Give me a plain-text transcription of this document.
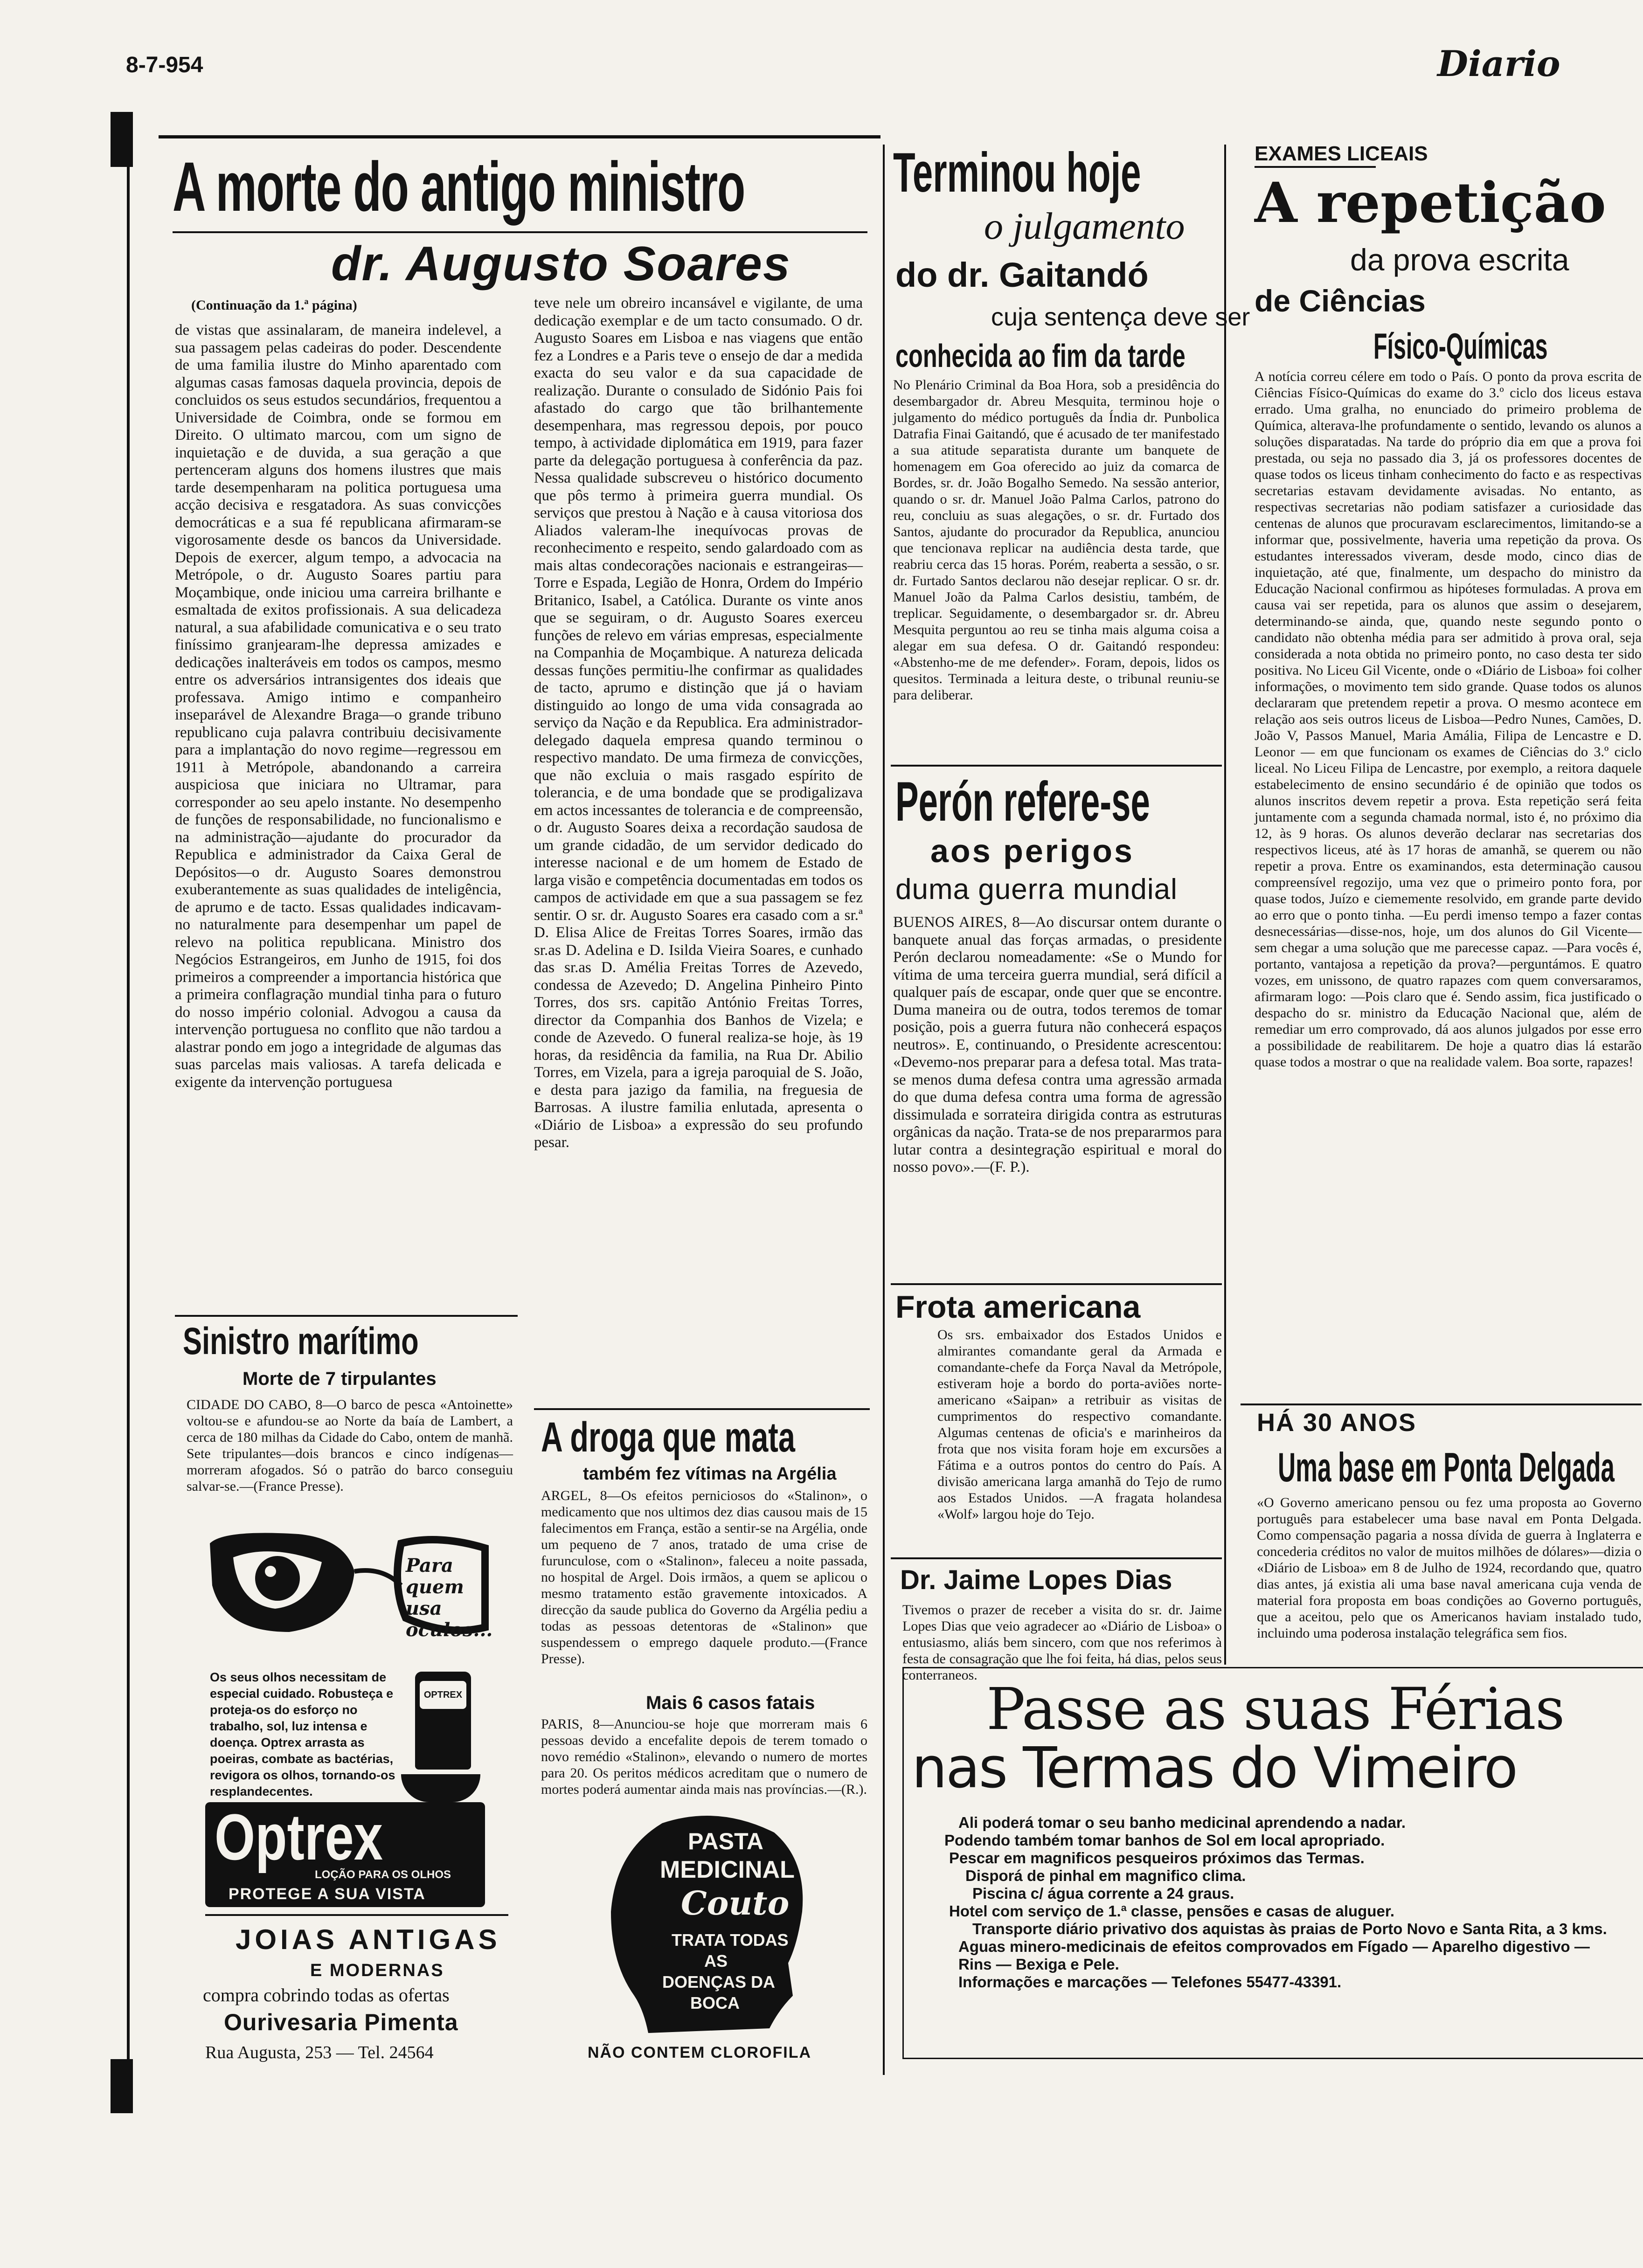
8-7-954	Diario
A morte do antigo ministro
dr. Augusto Soares
(Continuação da 1.ª página)
de vistas que assinalaram, de maneira indelevel, a sua passagem pelas cadeiras do poder. Descendente de uma familia ilustre do Minho aparentado com algumas casas famosas daquela provincia, depois de concluidos os seus estudos secundários, frequentou a Universidade de Coimbra, onde se formou em Direito. O ultimato marcou, com um signo de inquietação e de duvida, a sua geração a que pertenceram alguns dos homens ilustres que mais tarde desempenharam na politica portuguesa uma acção decisiva e resgatadora. As suas convicções democráticas e a sua fé republicana afirmaram-se vigorosamente desde os bancos da Universidade. Depois de exercer, algum tempo, a advocacia na Metrópole, o dr. Augusto Soares partiu para Moçambique, onde iniciou uma carreira brilhante e esmaltada de exitos profissionais. A sua delicadeza natural, a sua afabilidade comunicativa e o seu trato finíssimo granjearam-lhe depressa amizades e dedicações inalteráveis em todos os campos, mesmo entre os adversários intransigentes dos ideais que professava. Amigo intimo e companheiro inseparável de Alexandre Braga—o grande tribuno republicano cuja palavra contribuiu decisivamente para a implantação do novo regime—regressou em 1911 à Metrópole, abandonando a carreira auspiciosa que iniciara no Ultramar, para corresponder ao seu apelo instante. No desempenho de funções de responsabilidade, no funcionalismo e na administração—ajudante do procurador da Republica e administrador da Caixa Geral de Depósitos—o dr. Augusto Soares demonstrou exuberantemente as suas qualidades de inteligência, de aprumo e de tacto. Essas qualidades indicavam-no naturalmente para desempenhar um papel de relevo na politica republicana. Ministro dos Negócios Estrangeiros, em Junho de 1915, foi dos primeiros a compreender a importancia histórica que a primeira conflagração mundial tinha para o futuro do nosso império colonial. Advogou a causa da intervenção portuguesa no conflito que não tardou a alastrar pondo em jogo a integridade de algumas das suas parcelas mais valiosas. A tarefa delicada e exigente da intervenção portuguesa
teve nele um obreiro incansável e vigilante, de uma dedicação exemplar e de um tacto consumado. O dr. Augusto Soares em Lisboa e nas viagens que então fez a Londres e a Paris teve o ensejo de dar a medida exacta do seu valor e da sua capacidade de realização. Durante o consulado de Sidónio Pais foi afastado do cargo que tão brilhantemente desempenhara, mas regressou depois, por pouco tempo, à actividade diplomática em 1919, para fazer parte da delegação portuguesa à conferência da paz. Nessa qualidade subscreveu o histórico documento que pôs termo à primeira guerra mundial. Os serviços que prestou à Nação e à causa vitoriosa dos Aliados valeram-lhe inequívocas provas de reconhecimento e respeito, sendo galardoado com as mais altas condecorações nacionais e estrangeiras—Torre e Espada, Legião de Honra, Ordem do Império Britanico, Isabel, a Católica. Durante os vinte anos que se seguiram, o dr. Augusto Soares exerceu funções de relevo em várias empresas, especialmente na Companhia de Moçambique. A natureza delicada dessas funções permitiu-lhe confirmar as qualidades de tacto, aprumo e distinção que já o haviam distinguido ao longo de uma vida consagrada ao serviço da Nação e da Republica. Era administrador-delegado daquela empresa quando terminou o respectivo mandato. De uma firmeza de convicções, que não excluia o mais rasgado espírito de tolerancia, e de uma bondade que se prodigalizava em actos incessantes de tolerancia e de compreensão, o dr. Augusto Soares deixa a recordação saudosa de um grande cidadão, de um servidor dedicado do interesse nacional e de um homem de Estado de larga visão e competência documentadas em todos os campos de actividade em que a sua passagem se fez sentir. O sr. dr. Augusto Soares era casado com a sr.ª D. Elisa Alice de Freitas Torres Soares, irmão das sr.as D. Adelina e D. Isilda Vieira Soares, e cunhado das sr.as D. Amélia Freitas Torres de Azevedo, condessa de Azevedo; D. Angelina Pinheiro Pinto Torres, dos srs. capitão António Freitas Torres, director da Companhia dos Banhos de Vizela; e conde de Azevedo. O funeral realiza-se hoje, às 19 horas, da residência da familia, na Rua Dr. Abilio Torres, em Vizela, para a igreja paroquial de S. João, e desta para jazigo da familia, na freguesia de Barrosas. A ilustre familia enlutada, apresenta o «Diário de Lisboa» a expressão do seu profundo pesar.
Sinistro marítimo
Morte de 7 tirpulantes
CIDADE DO CABO, 8—O barco de pesca «Antoinette» voltou-se e afundou-se ao Norte da baía de Lambert, a cerca de 180 milhas da Cidade do Cabo, ontem de manhã. Sete tripulantes—dois brancos e cinco indígenas—morreram afogados. Só o patrão do barco conseguiu salvar-se.—(France Presse).
Para quem usa óculos...
Os seus olhos necessitam de especial cuidado. Robusteça e proteja-os do esforço no trabalho, sol, luz intensa e doença. Optrex arrasta as poeiras, combate as bactérias, revigora os olhos, tornando-os resplandecentes.
OPTREX
Optrex
LOÇÃO PARA OS OLHOS
PROTEGE A SUA VISTA
JOIAS ANTIGAS
E MODERNAS
compra cobrindo todas as ofertas
Ourivesaria Pimenta
Rua Augusta, 253 — Tel. 24564
A droga que mata
também fez vítimas na Argélia
ARGEL, 8—Os efeitos perniciosos do «Stalinon», o medicamento que nos ultimos dez dias causou mais de 15 falecimentos em França, estão a sentir-se na Argélia, onde um pequeno de 7 anos, tratado de uma crise de furunculose, com o «Stalinon», faleceu a noite passada, no hospital de Argel. Dois irmãos, a quem se aplicou o mesmo tratamento estão gravemente intoxicados. A direcção da saude publica do Governo da Argélia pediu a todas as pessoas detentoras de «Stalinon» que suspendessem o emprego daquele produto.—(France Presse).
Mais 6 casos fatais
PARIS, 8—Anunciou-se hoje que morreram mais 6 pessoas devido a encefalite depois de terem tomado o novo remédio «Stalinon», elevando o numero de mortes para 20. Os peritos médicos acreditam que o numero de mortes poderá aumentar ainda mais nas províncias.—(R.).
PASTA
MEDICINAL
Couto
TRATA TODAS
AS
DOENÇAS DA
BOCA
NÃO CONTEM CLOROFILA
Terminou hoje
o julgamento
do dr. Gaitandó
cuja sentença deve ser
conhecida ao fim da tarde
No Plenário Criminal da Boa Hora, sob a presidência do desembargador dr. Abreu Mesquita, terminou hoje o julgamento do médico português da Índia dr. Punbolica Datrafia Finai Gaitandó, que é acusado de ter manifestado a sua atitude separatista durante um banquete de homenagem em Goa oferecido ao juiz da comarca de Bordes, sr. dr. João Bogalho Semedo. Na sessão anterior, quando o sr. dr. Manuel João Palma Carlos, patrono do reu, concluiu as suas alegações, o sr. dr. Furtado dos Santos, ajudante do procurador da Republica, anunciou que tencionava replicar na audiência desta tarde, que reabriu cerca das 15 horas. Porém, reaberta a sessão, o sr. dr. Furtado Santos declarou não desejar replicar. O sr. dr. Manuel João da Palma Carlos desistiu, também, de treplicar. Seguidamente, o desembargador sr. dr. Abreu Mesquita perguntou ao reu se tinha mais alguma coisa a alegar em sua defesa. O dr. Gaitandó respondeu: «Abstenho-me de me defender». Foram, depois, lidos os quesitos. Terminada a leitura deste, o tribunal reuniu-se para deliberar.
Perón refere-se
aos perigos
duma guerra mundial
BUENOS AIRES, 8—Ao discursar ontem durante o banquete anual das forças armadas, o presidente Perón declarou nomeadamente: «Se o Mundo for vítima de uma terceira guerra mundial, será difícil a qualquer país de escapar, onde quer que se encontre. Duma maneira ou de outra, todos teremos de tomar posição, pois a guerra futura não conhecerá espaços neutros». E, continuando, o Presidente acrescentou: «Devemo-nos preparar para a defesa total. Mas trata-se menos duma defesa contra uma agressão armada do que duma defesa contra uma forma de agressão dissimulada e sorrateira dirigida contra as estruturas orgânicas da nação. Trata-se de nos prepararmos para lutar contra a desintegração espiritual e moral do nosso povo».—(F. P.).
Frota americana
Os srs. embaixador dos Estados Unidos e almirantes comandante geral da Armada e comandante-chefe da Força Naval da Metrópole, estiveram hoje a bordo do porta-aviões norte-americano «Saipan» a retribuir as visitas de cumprimentos do respectivo comandante. Algumas centenas de oficia's e marinheiros da frota que nos visita foram hoje em excursões a Fátima e a outros pontos do centro do País. A divisão americana larga amanhã do Tejo de rumo aos Estados Unidos. —A fragata holandesa «Wolf» largou hoje do Tejo.
Dr. Jaime Lopes Dias
Tivemos o prazer de receber a visita do sr. dr. Jaime Lopes Dias que veio agradecer ao «Diário de Lisboa» o entusiasmo, aliás bem sincero, com que nos referimos à festa de consagração que lhe foi feita, há dias, pelos seus conterraneos.
EXAMES LICEAIS
A repetição
da prova escrita
de Ciências
Físico-Químicas
A notícia correu célere em todo o País. O ponto da prova escrita de Ciências Físico-Químicas do exame do 3.º ciclo dos liceus estava errado. Uma gralha, no enunciado do primeiro problema de Química, alterava-lhe profundamente o sentido, levando os alunos a soluções disparatadas. Na tarde do próprio dia em que a prova foi prestada, ou seja no passado dia 3, já os professores docentes de quase todos os liceus tinham conhecimento do facto e as respectivas secretarias estavam devidamente avisadas. No entanto, as respectivas secretarias não podiam satisfazer a curiosidade das centenas de alunos que procuravam esclarecimentos, limitando-se a informar que, possivelmente, haveria uma repetição da prova. Os estudantes interessados viveram, desde modo, cinco dias de inquietação, até que, finalmente, um despacho do ministro da Educação Nacional confirmou as hipóteses formuladas. A prova em causa vai ser repetida, para os alunos que assim o desejarem, determinando-se ainda, que, quando neste segundo ponto o candidato não obtenha média para ser admitido à prova oral, seja considerada a nota obtida no primeiro ponto, no caso desta ter sido positiva. No Liceu Gil Vicente, onde o «Diário de Lisboa» foi colher informações, o movimento tem sido grande. Quase todos os alunos declararam que pretendem repetir a prova. O mesmo acontece em relação aos seis outros liceus de Lisboa—Pedro Nunes, Camões, D. João V, Passos Manuel, Maria Amália, Filipa de Lencastre e D. Leonor — em que funcionam os exames de Ciências do 3.º ciclo liceal. No Liceu Filipa de Lencastre, por exemplo, a reitora daquele estabelecimento de ensino secundário é de opinião que todos os alunos inscritos devem repetir a prova. Esta repetição será feita juntamente com a segunda chamada normal, isto é, no próximo dia 12, às 9 horas. Os alunos deverão declarar nas secretarias dos respectivos liceus, até às 17 horas de amanhã, se querem ou não repetir a prova. Entre os examinandos, esta determinação causou compreensível regozijo, uma vez que o primeiro ponto fora, por quase todos, Juízo e ciememente resolvido, em grande parte devido ao erro que o ponto tinha. —Eu perdi imenso tempo a fazer contas desnecessárias—disse-nos, hoje, um dos alunos do Gil Vicente—sem chegar a uma solução que me parecesse capaz. —Para vocês é, portanto, vantajosa a repetição da prova?—perguntámos. E quatro vozes, em unissono, de quatro rapazes com quem conversaramos, afirmaram logo: —Pois claro que é. Sendo assim, fica justificado o despacho do sr. ministro da Educação Nacional que, além de remediar um erro comprovado, dá aos alunos julgados por esse erro a possibilidade de reabilitarem. De hoje a quatro dias lá estarão quase todos a mostrar o que na realidade valem. Boa sorte, rapazes!
HÁ 30 ANOS
Uma base em Ponta Delgada
«O Governo americano pensou ou fez uma proposta ao Governo português para estabelecer uma base naval em Ponta Delgada. Como compensação pagaria a nossa dívida de guerra à Inglaterra e concederia créditos no valor de muitos milhões de dólares»—dizia o «Diário de Lisboa» em 8 de Julho de 1924, recordando que, quatro dias antes, já existia ali uma base naval americana cuja venda de material fora proposta em boas condições ao Governo português, que a aceitou, pelo que os Americanos haviam instalado tudo, incluindo uma poderosa instalação telegráfica sem fios.
Passe as suas Férias
nas Termas do Vimeiro
Ali poderá tomar o seu banho medicinal aprendendo a nadar.
Podendo também tomar banhos de Sol em local apropriado.
Pescar em magnificos pesqueiros próximos das Termas.
Disporá de pinhal em magnifico clima.
Piscina c/ água corrente a 24 graus.
Hotel com serviço de 1.ª classe, pensões e casas de aluguer.
Transporte diário privativo dos aquistas às praias de Porto Novo e Santa Rita, a 3 kms.
Aguas minero-medicinais de efeitos comprovados em Fígado — Aparelho digestivo — Rins — Bexiga e Pele.
Informações e marcações — Telefones 55477-43391.
